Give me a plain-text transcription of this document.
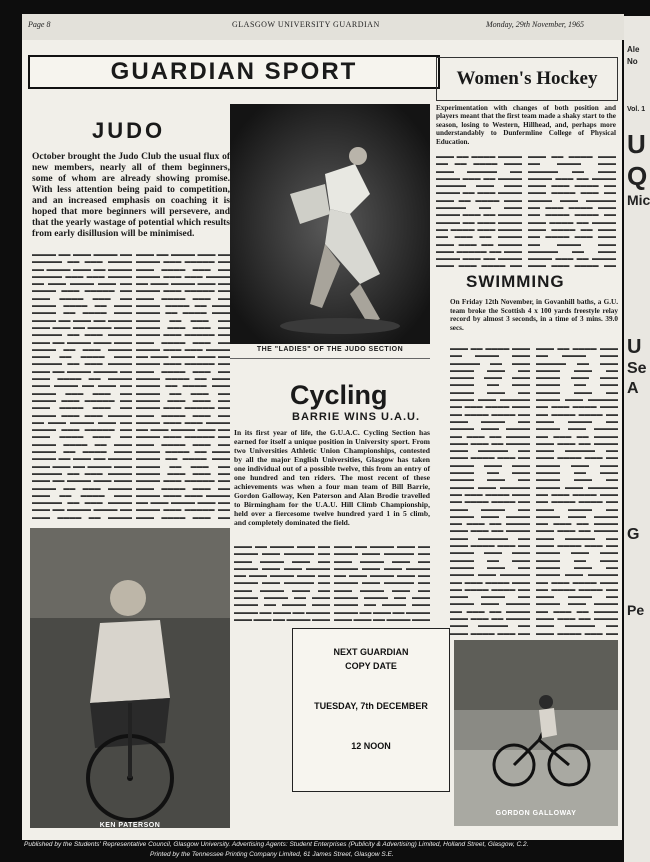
Page 8	GLASGOW UNIVERSITY GUARDIAN	Monday, 29th November, 1965
Ale
No
Vol. 1
U
Q
Mic
U
Se
A
G
Pe
GUARDIAN SPORT	Women's Hockey
Experimentation with changes of both position and players meant that the first team made a shaky start to the season, losing to Western, Hillhead, and, perhaps more understandably to Dunfermline College of Physical Education.
▬▬▬ ▬▬ ▬▬▬▬ ▬▬▬▬ ▬▬ ▬▬ ▬▬▬▬ ▬▬▬ ▬▬▬ ▬▬▬▬▬ ▬▬ ▬▬▬▬ ▬▬▬ ▬▬ ▬▬▬▬ ▬▬▬▬▬ ▬▬▬ ▬▬▬ ▬▬▬▬ ▬▬ ▬▬▬ ▬▬▬▬ ▬▬▬ ▬▬ ▬▬▬▬ ▬▬▬ ▬▬▬▬▬ ▬▬ ▬▬▬ ▬▬▬▬ ▬▬▬ ▬▬ ▬▬▬▬ ▬▬▬▬ ▬▬ ▬▬▬ ▬▬▬▬ ▬▬ ▬▬▬▬ ▬▬▬ ▬▬▬▬ ▬▬ ▬▬▬ ▬▬ ▬▬▬▬ ▬▬▬ ▬▬▬ ▬▬ ▬▬▬▬ ▬▬▬ ▬▬▬▬▬ ▬▬ ▬▬▬ ▬▬▬▬ ▬▬▬ ▬▬ ▬▬▬▬ ▬▬▬ ▬▬▬ ▬▬▬▬ ▬▬
▬▬▬ ▬▬ ▬▬▬▬ ▬▬▬ ▬▬ ▬▬▬▬ ▬▬▬ ▬▬▬▬▬ ▬▬ ▬▬▬ ▬▬▬▬ ▬▬▬ ▬▬ ▬▬▬▬ ▬▬▬ ▬▬▬ ▬▬▬▬ ▬▬ ▬▬▬ ▬▬▬▬ ▬▬▬ ▬▬ ▬▬▬▬ ▬▬▬ ▬▬▬▬▬ ▬▬ ▬▬▬ ▬▬▬▬ ▬▬▬ ▬▬ ▬▬▬▬ ▬▬▬▬ ▬▬ ▬▬▬ ▬▬▬▬ ▬▬ ▬▬▬▬ ▬▬▬ ▬▬▬▬ ▬▬ ▬▬▬ ▬▬ ▬▬▬▬ ▬▬▬ ▬▬▬ ▬▬ ▬▬▬▬ ▬▬▬ ▬▬▬▬▬ ▬▬ ▬▬▬ ▬▬▬▬ ▬▬▬ ▬▬ ▬▬▬▬ ▬▬▬ ▬▬▬ ▬▬▬▬ ▬▬
JUDO
October brought the Judo Club the usual flux of new members, nearly all of them beginners, some of whom are already showing promise. With less attention being paid to competition, and an increased emphasis on coaching it is hoped that more beginners will persevere, and that the yearly wastage of potential which results from early disillusion will be minimised.
▬▬▬▬ ▬▬ ▬▬▬ ▬▬▬▬ ▬▬ ▬▬▬▬▬ ▬▬ ▬▬▬ ▬▬▬▬ ▬▬ ▬▬▬▬ ▬▬▬ ▬▬ ▬▬▬▬ ▬▬▬▬▬ ▬▬▬ ▬▬▬ ▬▬▬▬ ▬▬ ▬▬▬ ▬▬▬▬ ▬▬▬ ▬▬ ▬▬▬▬ ▬▬▬ ▬▬▬▬▬ ▬▬ ▬▬▬ ▬▬▬▬ ▬▬▬ ▬▬ ▬▬▬▬ ▬▬▬▬ ▬▬ ▬▬▬ ▬▬▬▬ ▬▬ ▬▬▬▬ ▬▬▬ ▬▬▬▬ ▬▬ ▬▬▬ ▬▬ ▬▬▬▬ ▬▬▬ ▬▬▬ ▬▬ ▬▬▬▬ ▬▬▬ ▬▬▬▬▬ ▬▬ ▬▬▬ ▬▬▬▬ ▬▬▬ ▬▬ ▬▬▬▬ ▬▬▬ ▬▬▬ ▬▬▬▬ ▬▬ ▬▬▬ ▬▬▬▬ ▬▬▬ ▬▬ ▬▬▬▬ ▬▬▬ ▬▬▬▬▬ ▬▬ ▬▬▬ ▬▬▬▬ ▬▬▬ ▬▬ ▬▬▬▬ ▬▬▬▬ ▬▬ ▬▬▬ ▬▬▬▬ ▬▬ ▬▬▬▬ ▬▬▬ ▬▬▬▬ ▬▬ ▬▬▬ ▬▬ ▬▬▬▬ ▬▬▬ ▬▬▬ ▬▬ ▬▬▬▬ ▬▬▬ ▬▬▬▬▬ ▬▬ ▬▬▬ ▬▬▬▬ ▬▬▬ ▬▬ ▬▬▬▬ ▬▬▬ ▬▬▬ ▬▬▬▬ ▬▬ ▬▬▬ ▬▬▬▬ ▬▬▬ ▬▬ ▬▬▬▬ ▬▬▬ ▬▬▬▬▬ ▬▬ ▬▬▬ ▬▬▬▬ ▬▬▬ ▬▬ ▬▬▬▬ ▬▬▬▬ ▬▬ ▬▬▬ ▬▬▬▬ ▬▬ ▬▬▬▬ ▬▬▬ ▬▬▬▬ ▬▬ ▬▬▬ ▬▬ ▬▬▬▬ ▬▬▬ ▬▬▬ ▬▬ ▬▬▬▬ ▬▬▬ ▬▬▬▬▬ ▬▬ ▬▬▬ ▬▬▬▬ ▬▬▬ ▬▬ ▬▬▬▬ ▬▬▬ ▬▬▬ ▬▬▬▬ ▬▬ ▬▬▬ ▬▬▬▬ ▬▬▬ ▬▬ ▬▬▬▬ ▬▬▬ ▬▬▬▬▬ ▬▬ ▬▬▬ ▬▬▬▬ ▬▬▬ ▬▬ ▬▬▬▬ ▬▬▬▬ ▬▬ ▬▬▬ ▬▬▬▬ ▬▬ ▬▬▬▬
▬▬▬ ▬▬ ▬▬▬▬ ▬▬▬ ▬▬ ▬▬▬▬ ▬▬▬ ▬▬▬▬▬ ▬▬ ▬▬▬ ▬▬▬▬ ▬▬▬ ▬▬ ▬▬▬▬ ▬▬▬ ▬▬▬ ▬▬▬▬ ▬▬ ▬▬▬ ▬▬▬▬ ▬▬▬ ▬▬ ▬▬▬▬ ▬▬▬ ▬▬▬▬▬ ▬▬ ▬▬▬ ▬▬▬▬ ▬▬▬ ▬▬ ▬▬▬▬ ▬▬▬▬ ▬▬ ▬▬▬ ▬▬▬▬ ▬▬ ▬▬▬▬ ▬▬▬ ▬▬▬▬ ▬▬ ▬▬▬ ▬▬ ▬▬▬▬ ▬▬▬ ▬▬▬ ▬▬ ▬▬▬▬ ▬▬▬ ▬▬▬▬▬ ▬▬ ▬▬▬ ▬▬▬▬ ▬▬▬ ▬▬ ▬▬▬▬ ▬▬▬ ▬▬▬ ▬▬▬▬ ▬▬ ▬▬▬ ▬▬▬▬ ▬▬▬ ▬▬ ▬▬▬▬ ▬▬▬ ▬▬▬▬▬ ▬▬ ▬▬▬ ▬▬▬▬ ▬▬▬ ▬▬ ▬▬▬▬ ▬▬▬▬ ▬▬ ▬▬▬ ▬▬▬▬ ▬▬ ▬▬▬▬ ▬▬▬ ▬▬▬▬ ▬▬ ▬▬▬ ▬▬ ▬▬▬▬ ▬▬▬ ▬▬▬ ▬▬ ▬▬▬▬ ▬▬▬ ▬▬▬▬▬ ▬▬ ▬▬▬ ▬▬▬▬ ▬▬▬ ▬▬ ▬▬▬▬ ▬▬▬ ▬▬▬ ▬▬▬▬ ▬▬ ▬▬▬ ▬▬▬▬ ▬▬▬ ▬▬ ▬▬▬▬ ▬▬▬ ▬▬▬▬▬ ▬▬ ▬▬▬ ▬▬▬▬ ▬▬▬ ▬▬ ▬▬▬▬ ▬▬▬▬ ▬▬ ▬▬▬ ▬▬▬▬ ▬▬ ▬▬▬▬ ▬▬▬ ▬▬▬▬ ▬▬ ▬▬▬ ▬▬ ▬▬▬▬ ▬▬▬ ▬▬▬ ▬▬ ▬▬▬▬ ▬▬▬ ▬▬▬▬▬ ▬▬ ▬▬▬ ▬▬▬▬ ▬▬▬ ▬▬ ▬▬▬▬ ▬▬▬ ▬▬▬ ▬▬▬▬ ▬▬ ▬▬▬ ▬▬▬▬ ▬▬▬ ▬▬ ▬▬▬▬ ▬▬▬ ▬▬▬▬▬ ▬▬ ▬▬▬ ▬▬▬▬ ▬▬▬ ▬▬
THE "LADIES" OF THE JUDO SECTION
Cycling
BARRIE WINS U.A.U.
In its first year of life, the G.U.A.C. Cycling Section has earned for itself a unique position in University sport. From two Universities Athletic Union Championships, contested by all the major English Universities, Glasgow has taken one individual out of a possible twelve, this from an entry of one hundred and ten riders. The most recent of these achievements was when a four man team of Bill Barrie, Gordon Galloway, Ken Paterson and Alan Brodie travelled to Birmingham for the U.A.U. Hill Climb Championship, held over a fiercesome twelve hundred yard 1 in 5 climb, and completely dominated the field.
▬▬▬ ▬▬ ▬▬▬▬ ▬▬▬ ▬▬ ▬▬▬▬ ▬▬▬ ▬▬▬▬▬ ▬▬ ▬▬▬ ▬▬▬▬ ▬▬▬ ▬▬ ▬▬▬▬ ▬▬▬ ▬▬▬ ▬▬▬▬ ▬▬ ▬▬▬ ▬▬▬▬ ▬▬▬ ▬▬ ▬▬▬▬ ▬▬▬ ▬▬▬▬▬ ▬▬ ▬▬▬ ▬▬▬▬ ▬▬▬ ▬▬ ▬▬▬▬ ▬▬▬▬ ▬▬ ▬▬▬ ▬▬▬▬ ▬▬ ▬▬▬▬ ▬▬▬ ▬▬▬▬ ▬▬ ▬▬▬ ▬▬ ▬▬▬▬ ▬▬▬ ▬▬▬ ▬▬ ▬▬▬▬ ▬▬▬
▬▬▬ ▬▬ ▬▬▬▬ ▬▬▬ ▬▬ ▬▬▬▬ ▬▬▬ ▬▬▬▬▬ ▬▬ ▬▬▬ ▬▬▬▬ ▬▬▬ ▬▬ ▬▬▬▬ ▬▬▬ ▬▬▬ ▬▬▬▬ ▬▬ ▬▬▬ ▬▬▬▬ ▬▬▬ ▬▬ ▬▬▬▬ ▬▬▬ ▬▬▬▬▬ ▬▬ ▬▬▬ ▬▬▬▬ ▬▬▬ ▬▬ ▬▬▬▬ ▬▬▬▬ ▬▬ ▬▬▬ ▬▬▬▬ ▬▬ ▬▬▬▬ ▬▬▬ ▬▬▬▬ ▬▬ ▬▬▬ ▬▬ ▬▬▬▬ ▬▬▬ ▬▬▬ ▬▬ ▬▬▬▬ ▬▬▬
NEXT GUARDIAN
COPY DATE
TUESDAY, 7th DECEMBER
12 NOON
KEN PATERSON
SWIMMING
On Friday 12th November, in Govanhill baths, a G.U. team broke the Scottish 4 x 100 yards freestyle relay record by almost 3 seconds, in a time of 3 mins. 39.0 secs.
▬▬▬ ▬▬ ▬▬▬▬ ▬▬▬ ▬▬ ▬▬▬▬ ▬▬▬ ▬▬▬▬▬ ▬▬ ▬▬▬ ▬▬▬▬ ▬▬▬ ▬▬ ▬▬▬▬ ▬▬▬ ▬▬▬ ▬▬▬▬ ▬▬ ▬▬▬ ▬▬▬▬ ▬▬▬ ▬▬ ▬▬▬▬ ▬▬▬ ▬▬▬▬▬ ▬▬ ▬▬▬ ▬▬▬▬ ▬▬▬ ▬▬ ▬▬▬▬ ▬▬▬▬ ▬▬ ▬▬▬ ▬▬▬▬ ▬▬ ▬▬▬▬ ▬▬▬ ▬▬▬▬ ▬▬ ▬▬▬ ▬▬ ▬▬▬▬ ▬▬▬ ▬▬▬ ▬▬ ▬▬▬▬ ▬▬▬ ▬▬▬▬▬ ▬▬ ▬▬▬ ▬▬▬▬ ▬▬▬ ▬▬ ▬▬▬▬ ▬▬▬ ▬▬▬ ▬▬▬▬ ▬▬ ▬▬▬ ▬▬▬▬ ▬▬▬ ▬▬ ▬▬▬▬ ▬▬▬ ▬▬▬▬▬ ▬▬ ▬▬▬ ▬▬▬▬ ▬▬▬ ▬▬ ▬▬▬▬ ▬▬▬▬ ▬▬ ▬▬▬ ▬▬▬▬ ▬▬ ▬▬▬▬ ▬▬▬ ▬▬▬▬ ▬▬ ▬▬▬ ▬▬ ▬▬▬▬ ▬▬▬ ▬▬▬ ▬▬ ▬▬▬▬ ▬▬▬ ▬▬▬▬▬ ▬▬ ▬▬▬ ▬▬▬▬ ▬▬▬ ▬▬ ▬▬▬▬ ▬▬▬ ▬▬▬ ▬▬▬▬ ▬▬ ▬▬▬ ▬▬▬▬ ▬▬▬ ▬▬ ▬▬▬▬ ▬▬▬ ▬▬▬▬▬ ▬▬ ▬▬▬ ▬▬▬▬ ▬▬▬ ▬▬ ▬▬▬▬ ▬▬▬▬ ▬▬ ▬▬▬ ▬▬▬▬ ▬▬ ▬▬▬▬ ▬▬▬ ▬▬▬▬ ▬▬ ▬▬▬ ▬▬ ▬▬▬▬ ▬▬▬ ▬▬▬ ▬▬ ▬▬▬▬ ▬▬▬ ▬▬▬▬▬ ▬▬ ▬▬▬ ▬▬▬▬ ▬▬▬ ▬▬
▬▬▬ ▬▬ ▬▬▬▬ ▬▬▬ ▬▬ ▬▬▬▬ ▬▬▬ ▬▬▬▬▬ ▬▬ ▬▬▬ ▬▬▬▬ ▬▬▬ ▬▬ ▬▬▬▬ ▬▬▬ ▬▬▬ ▬▬▬▬ ▬▬ ▬▬▬ ▬▬▬▬ ▬▬▬ ▬▬ ▬▬▬▬ ▬▬▬ ▬▬▬▬▬ ▬▬ ▬▬▬ ▬▬▬▬ ▬▬▬ ▬▬ ▬▬▬▬ ▬▬▬▬ ▬▬ ▬▬▬ ▬▬▬▬ ▬▬ ▬▬▬▬ ▬▬▬ ▬▬▬▬ ▬▬ ▬▬▬ ▬▬ ▬▬▬▬ ▬▬▬ ▬▬▬ ▬▬ ▬▬▬▬ ▬▬▬ ▬▬▬▬▬ ▬▬ ▬▬▬ ▬▬▬▬ ▬▬▬ ▬▬ ▬▬▬▬ ▬▬▬ ▬▬▬ ▬▬▬▬ ▬▬ ▬▬▬ ▬▬▬▬ ▬▬▬ ▬▬ ▬▬▬▬ ▬▬▬ ▬▬▬▬▬ ▬▬ ▬▬▬ ▬▬▬▬ ▬▬▬ ▬▬ ▬▬▬▬ ▬▬▬▬ ▬▬ ▬▬▬ ▬▬▬▬ ▬▬ ▬▬▬▬ ▬▬▬ ▬▬▬▬ ▬▬ ▬▬▬ ▬▬ ▬▬▬▬ ▬▬▬ ▬▬▬ ▬▬ ▬▬▬▬ ▬▬▬ ▬▬▬▬▬ ▬▬ ▬▬▬ ▬▬▬▬ ▬▬▬ ▬▬ ▬▬▬▬ ▬▬▬ ▬▬▬ ▬▬▬▬ ▬▬ ▬▬▬ ▬▬▬▬ ▬▬▬ ▬▬ ▬▬▬▬ ▬▬▬ ▬▬▬▬▬ ▬▬ ▬▬▬ ▬▬▬▬ ▬▬▬ ▬▬ ▬▬▬▬ ▬▬▬▬ ▬▬ ▬▬▬ ▬▬▬▬ ▬▬ ▬▬▬▬ ▬▬▬ ▬▬▬▬ ▬▬ ▬▬▬ ▬▬ ▬▬▬▬ ▬▬▬ ▬▬▬ ▬▬ ▬▬▬▬ ▬▬▬ ▬▬▬▬▬ ▬▬ ▬▬▬ ▬▬▬▬ ▬▬▬ ▬▬
GORDON GALLOWAY
Published by the Students' Representative Council, Glasgow University. Advertising Agents: Student Enterprises (Publicity & Advertising) Limited, Holland Street, Glasgow, C.2.
Printed by the Tennessee Printing Company Limited, 61 James Street, Glasgow S.E.
